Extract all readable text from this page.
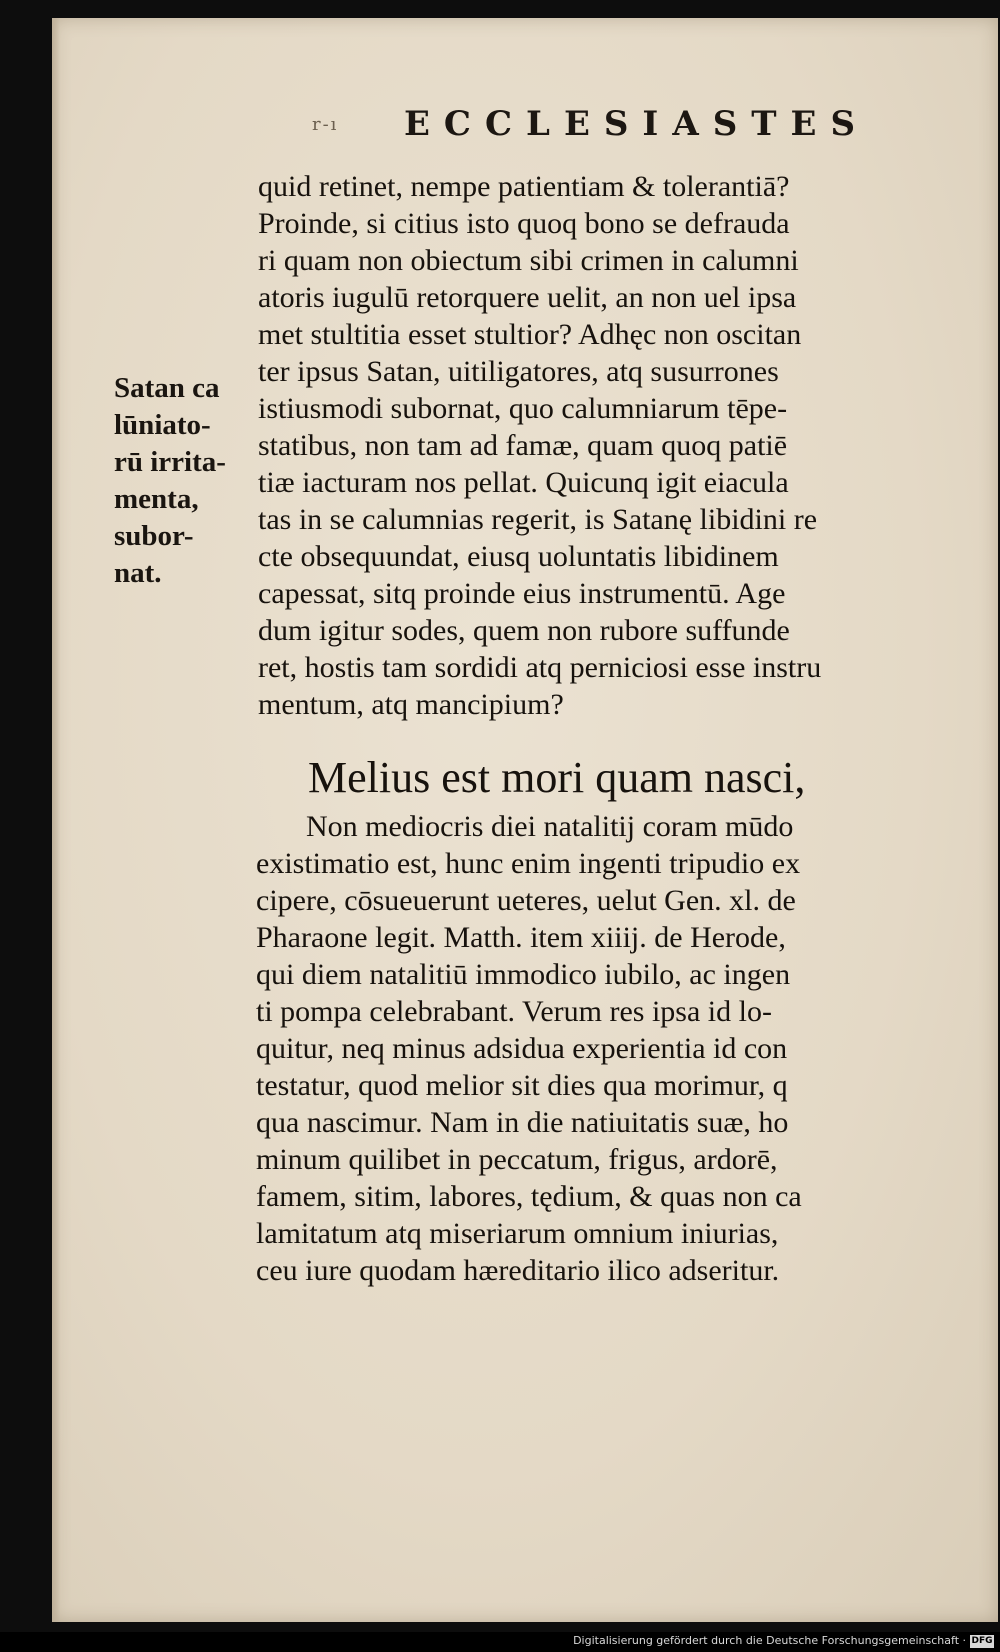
r-ı ECCLESIASTES
Satan ca
lūniato-
rū irrita-
menta,
subor-
nat.
quid retinet, nempe patientiam & tolerantiā?
Proinde, si citius isto quoq bono se defrauda
ri quam non obiectum sibi crimen in calumni
atoris iugulū retorquere uelit, an non uel ipsa
met stultitia esset stultior? Adhęc non oscitan
ter ipsus Satan, uitiligatores, atq susurrones
istiusmodi subornat, quo calumniarum tēpe-
statibus, non tam ad famæ, quam quoq patiē
tiæ iacturam nos pellat. Quicunq igit eiacula
tas in se calumnias regerit, is Satanę libidini re
cte obsequundat, eiusq uoluntatis libidinem
capessat, sitq proinde eius instrumentū. Age
dum igitur sodes, quem non rubore suffunde
ret, hostis tam sordidi atq perniciosi esse instru
mentum, atq mancipium?
Melius est mori quam nasci,
Non mediocris diei natalitij coram mūdo
existimatio est, hunc enim ingenti tripudio ex
cipere, cōsueuerunt ueteres, uelut Gen. xl. de
Pharaone legit. Matth. item xiiij. de Herode,
qui diem natalitiū immodico iubilo, ac ingen
ti pompa celebrabant. Verum res ipsa id lo-
quitur, neq minus adsidua experientia id con
testatur, quod melior sit dies qua morimur, q
qua nascimur. Nam in die natiuitatis suæ, ho
minum quilibet in peccatum, frigus, ardorē,
famem, sitim, labores, tędium, & quas non ca
lamitatum atq miseriarum omnium iniurias,
ceu iure quodam hæreditario ilico adseritur.
Digitalisierung gefördert durch die Deutsche Forschungsgemeinschaft · DFG
